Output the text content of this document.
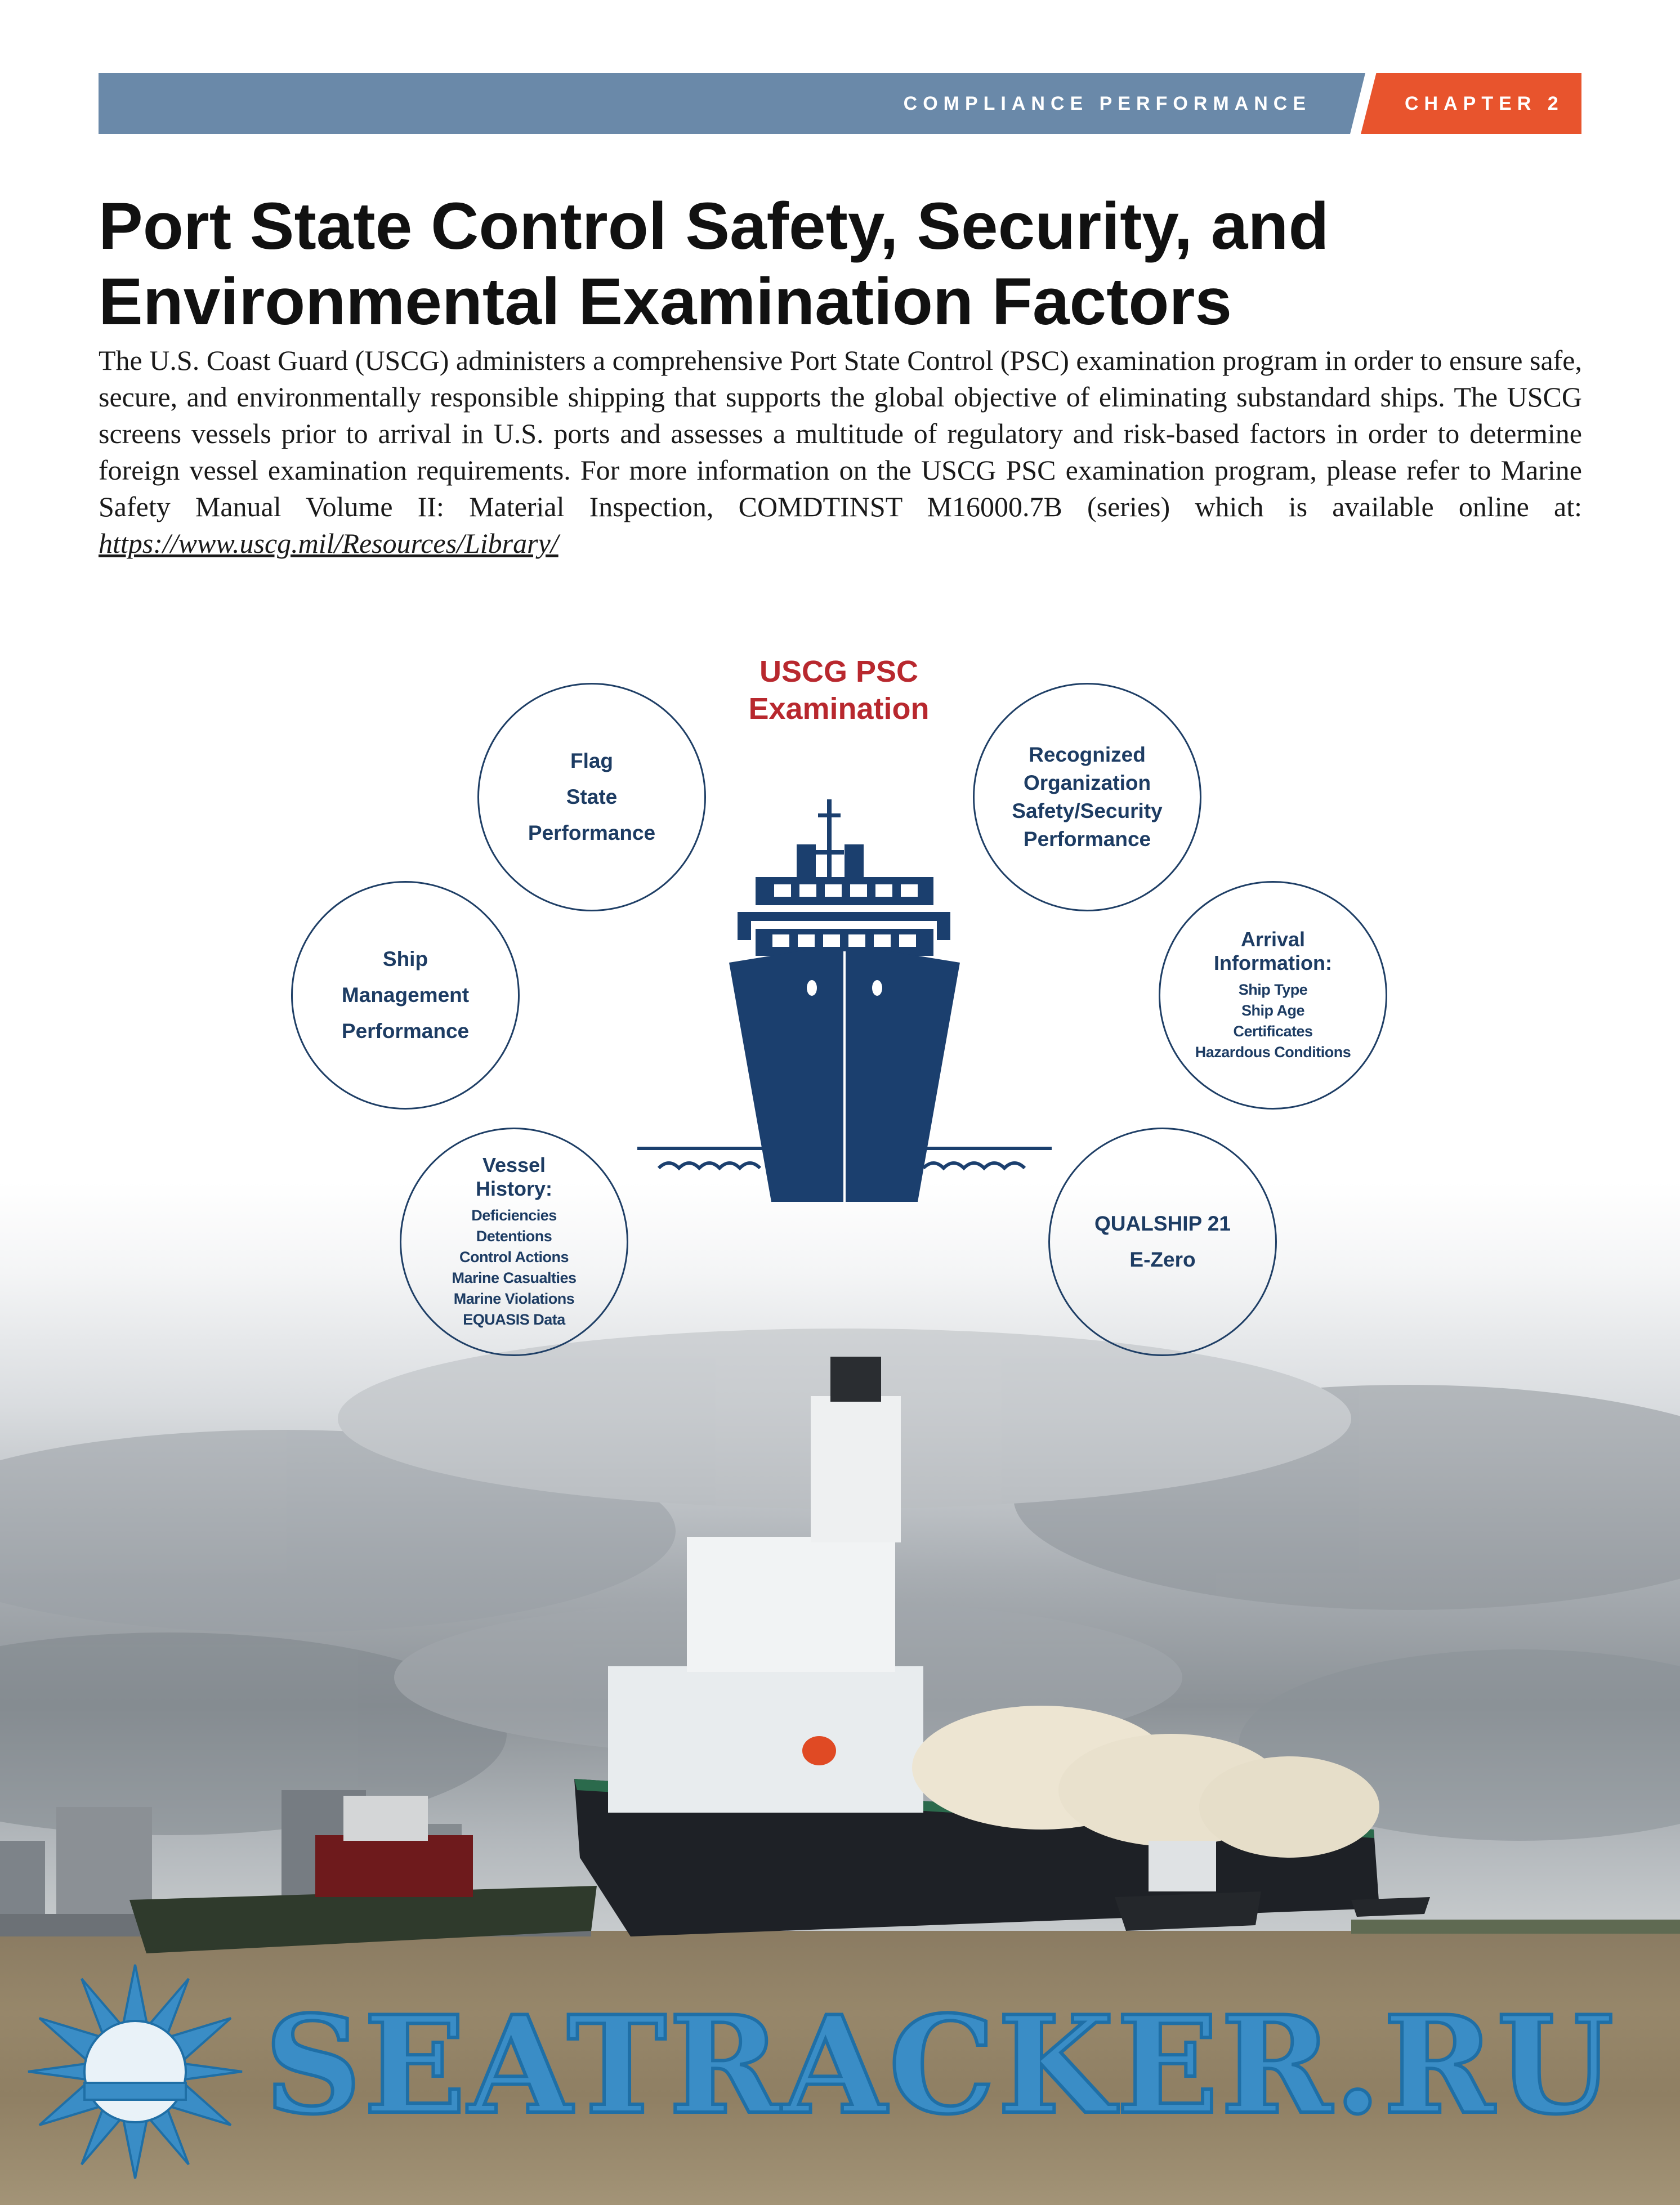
COMPLIANCE PERFORMANCE	CHAPTER 2
Port State Control Safety, Security, and
Environmental Examination Factors

The U.S. Coast Guard (USCG) administers a comprehensive Port State Control (PSC) examination program in order to ensure safe, secure, and environmentally responsible shipping that supports the global objective of eliminating substandard ships. The USCG screens vessels prior to arrival in U.S. ports and assesses a multitude of regulatory and risk-based factors in order to determine foreign vessel examination requirements. For more information on the USCG PSC examination program, please refer to Marine Safety Manual Volume II: Material Inspection, COMDTINST M16000.7B (series) which is available online at: https://www.uscg.mil/Resources/Library/

USCG PSC
Examination
Flag
State
Performance
Recognized
Organization
Safety/Security
Performance
Ship
Management
Performance
Arrival
Information:
Ship Type
Ship Age
Certificates
Hazardous Conditions
Vessel
History:
Deficiencies
Detentions
Control Actions
Marine Casualties
Marine Violations
EQUASIS Data
QUALSHIP 21
E-Zero
SEATRACKER.RU
